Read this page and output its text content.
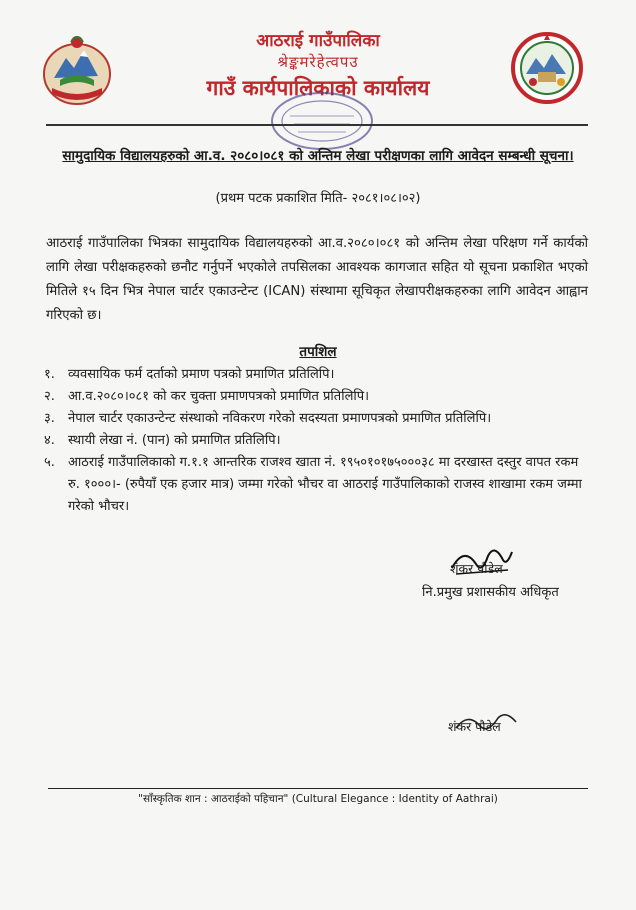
आठराई गाउँपालिका
श्रेङ्कमरेहेत्वपउ
गाउँ कार्यपालिकाको कार्यालय
सामुदायिक विद्यालयहरुको आ.व. २०८०।०८१ को अन्तिम लेखा परीक्षणका लागि आवेदन सम्बन्धी सूचना।
(प्रथम पटक प्रकाशित मिति- २०८१।०८।०२)
आठराई गाउँपालिका भित्रका सामुदायिक विद्यालयहरुको आ.व.२०८०।०८१ को अन्तिम लेखा परिक्षण गर्ने कार्यको लागि लेखा परीक्षकहरुको छनौट गर्नुपर्ने भएकोले तपसिलका आवश्यक कागजात सहित यो सूचना प्रकाशित भएको मितिले १५ दिन भित्र नेपाल चार्टर एकाउन्टेन्ट (ICAN) संस्थामा सूचिकृत लेखापरीक्षकहरुका लागि आवेदन आह्वान गरिएको छ।
तपशिल
१.	व्यवसायिक फर्म दर्ताको प्रमाण पत्रको प्रमाणित प्रतिलिपि।
२.	आ.व.२०८०।०८१ को कर चुक्ता प्रमाणपत्रको प्रमाणित प्रतिलिपि।
३.	नेपाल चार्टर एकाउन्टेन्ट संस्थाको नविकरण गरेको सदस्यता प्रमाणपत्रको प्रमाणित प्रतिलिपि।
४.	स्थायी लेखा नं. (पान) को प्रमाणित प्रतिलिपि।
५.	आठराई गाउँपालिकाको ग.१.१ आन्तरिक राजश्व खाता नं. १९५०१०१७५०००३८ मा दरखास्त दस्तुर वापत रकम रु. १०००।- (रुपैयाँ एक हजार मात्र) जम्मा गरेको भौचर वा आठराई गाउँपालिकाको राजस्व शाखामा रकम जम्मा गरेको भौचर।
शंकर पौडेल
नि.प्रमुख प्रशासकीय अधिकृत
शंकर पौडेल
"साँस्कृतिक शान : आठराईको पहिचान" (Cultural Elegance : Identity of Aathrai)
